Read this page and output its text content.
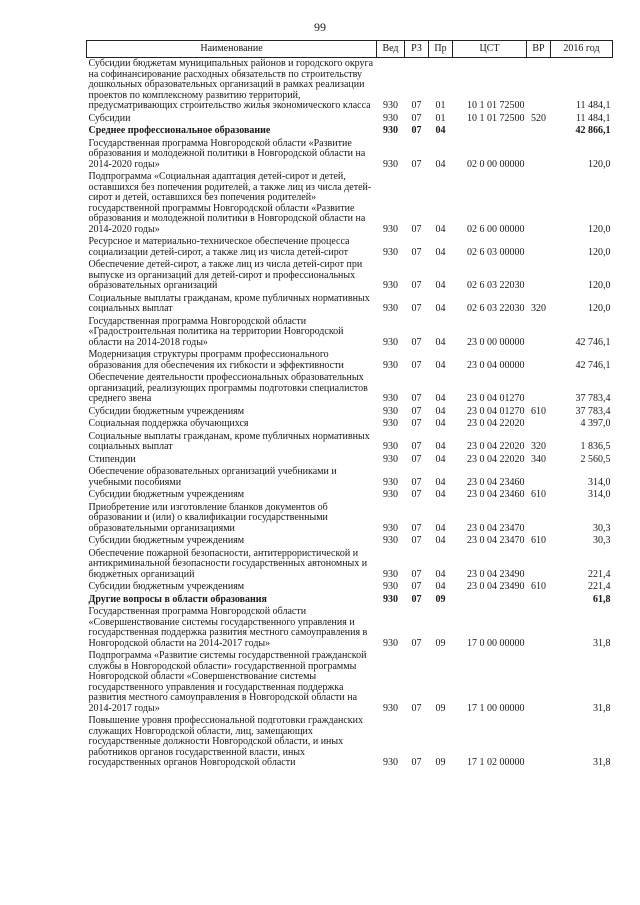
99
Наименование	Вед	РЗ	Пр	ЦСТ	ВР	2016 год
Субсидии бюджетам муниципальных районов и городского округа на софинансирование расходных обязательств по строительству дошкольных образовательных организаций в рамках реализации проектов по комплексному развитию территорий, предусматривающих строительство жилья экономического класса	930	07	01	10 1 01 72500		11 484,1
Субсидии	930	07	01	10 1 01 72500	520	11 484,1
Среднее профессиональное образование	930	07	04			42 866,1
Государственная программа Новгородской области «Развитие образования и молодежной политики в Новгородской области на 2014-2020 годы»	930	07	04	02 0 00 00000		120,0
Подпрограмма «Социальная адаптация детей-сирот и детей, оставшихся без попечения родителей, а также лиц из числа детей-сирот и детей, оставшихся без попечения родителей» государственной программы Новгородской области «Развитие образования и молодежной политики в Новгородской области на 2014-2020 годы»	930	07	04	02 6 00 00000		120,0
Ресурсное и материально-техническое обеспечение процесса социализации детей-сирот, а также лиц из числа детей-сирот	930	07	04	02 6 03 00000		120,0
Обеспечение детей-сирот, а также лиц из числа детей-сирот при выпуске из организаций для детей-сирот и профессиональных образовательных организаций	930	07	04	02 6 03 22030		120,0
Социальные выплаты гражданам, кроме публичных нормативных социальных выплат	930	07	04	02 6 03 22030	320	120,0
Государственная программа Новгородской области «Градостроительная политика на территории Новгородской области на 2014-2018 годы»	930	07	04	23 0 00 00000		42 746,1
Модернизация структуры программ профессионального образования для обеспечения их гибкости и эффективности	930	07	04	23 0 04 00000		42 746,1
Обеспечение деятельности профессиональных образовательных организаций, реализующих программы подготовки специалистов среднего звена	930	07	04	23 0 04 01270		37 783,4
Субсидии бюджетным учреждениям	930	07	04	23 0 04 01270	610	37 783,4
Социальная поддержка обучающихся	930	07	04	23 0 04 22020		4 397,0
Социальные выплаты гражданам, кроме публичных нормативных социальных выплат	930	07	04	23 0 04 22020	320	1 836,5
Стипендии	930	07	04	23 0 04 22020	340	2 560,5
Обеспечение образовательных организаций учебниками и учебными пособиями	930	07	04	23 0 04 23460		314,0
Субсидии бюджетным учреждениям	930	07	04	23 0 04 23460	610	314,0
Приобретение или изготовление бланков документов об образовании и (или) о квалификации государственными образовательными организациями	930	07	04	23 0 04 23470		30,3
Субсидии бюджетным учреждениям	930	07	04	23 0 04 23470	610	30,3
Обеспечение пожарной безопасности, антитеррористической и антикриминальной безопасности государственных автономных и бюджетных организаций	930	07	04	23 0 04 23490		221,4
Субсидии бюджетным учреждениям	930	07	04	23 0 04 23490	610	221,4
Другие вопросы в области образования	930	07	09			61,8
Государственная программа Новгородской области «Совершенствование системы государственного управления и государственная поддержка развития местного самоуправления в Новгородской области на 2014-2017 годы»	930	07	09	17 0 00 00000		31,8
Подпрограмма «Развитие системы государственной гражданской службы в Новгородской области» государственной программы Новгородской области «Совершенствование системы государственного управления и государственная поддержка развития местного самоуправления в Новгородской области на 2014-2017 годы»	930	07	09	17 1 00 00000		31,8
Повышение уровня профессиональной подготовки гражданских служащих Новгородской области, лиц, замещающих государственные должности Новгородской области, и иных работников органов государственной власти, иных государственных органов Новгородской области	930	07	09	17 1 02 00000		31,8
